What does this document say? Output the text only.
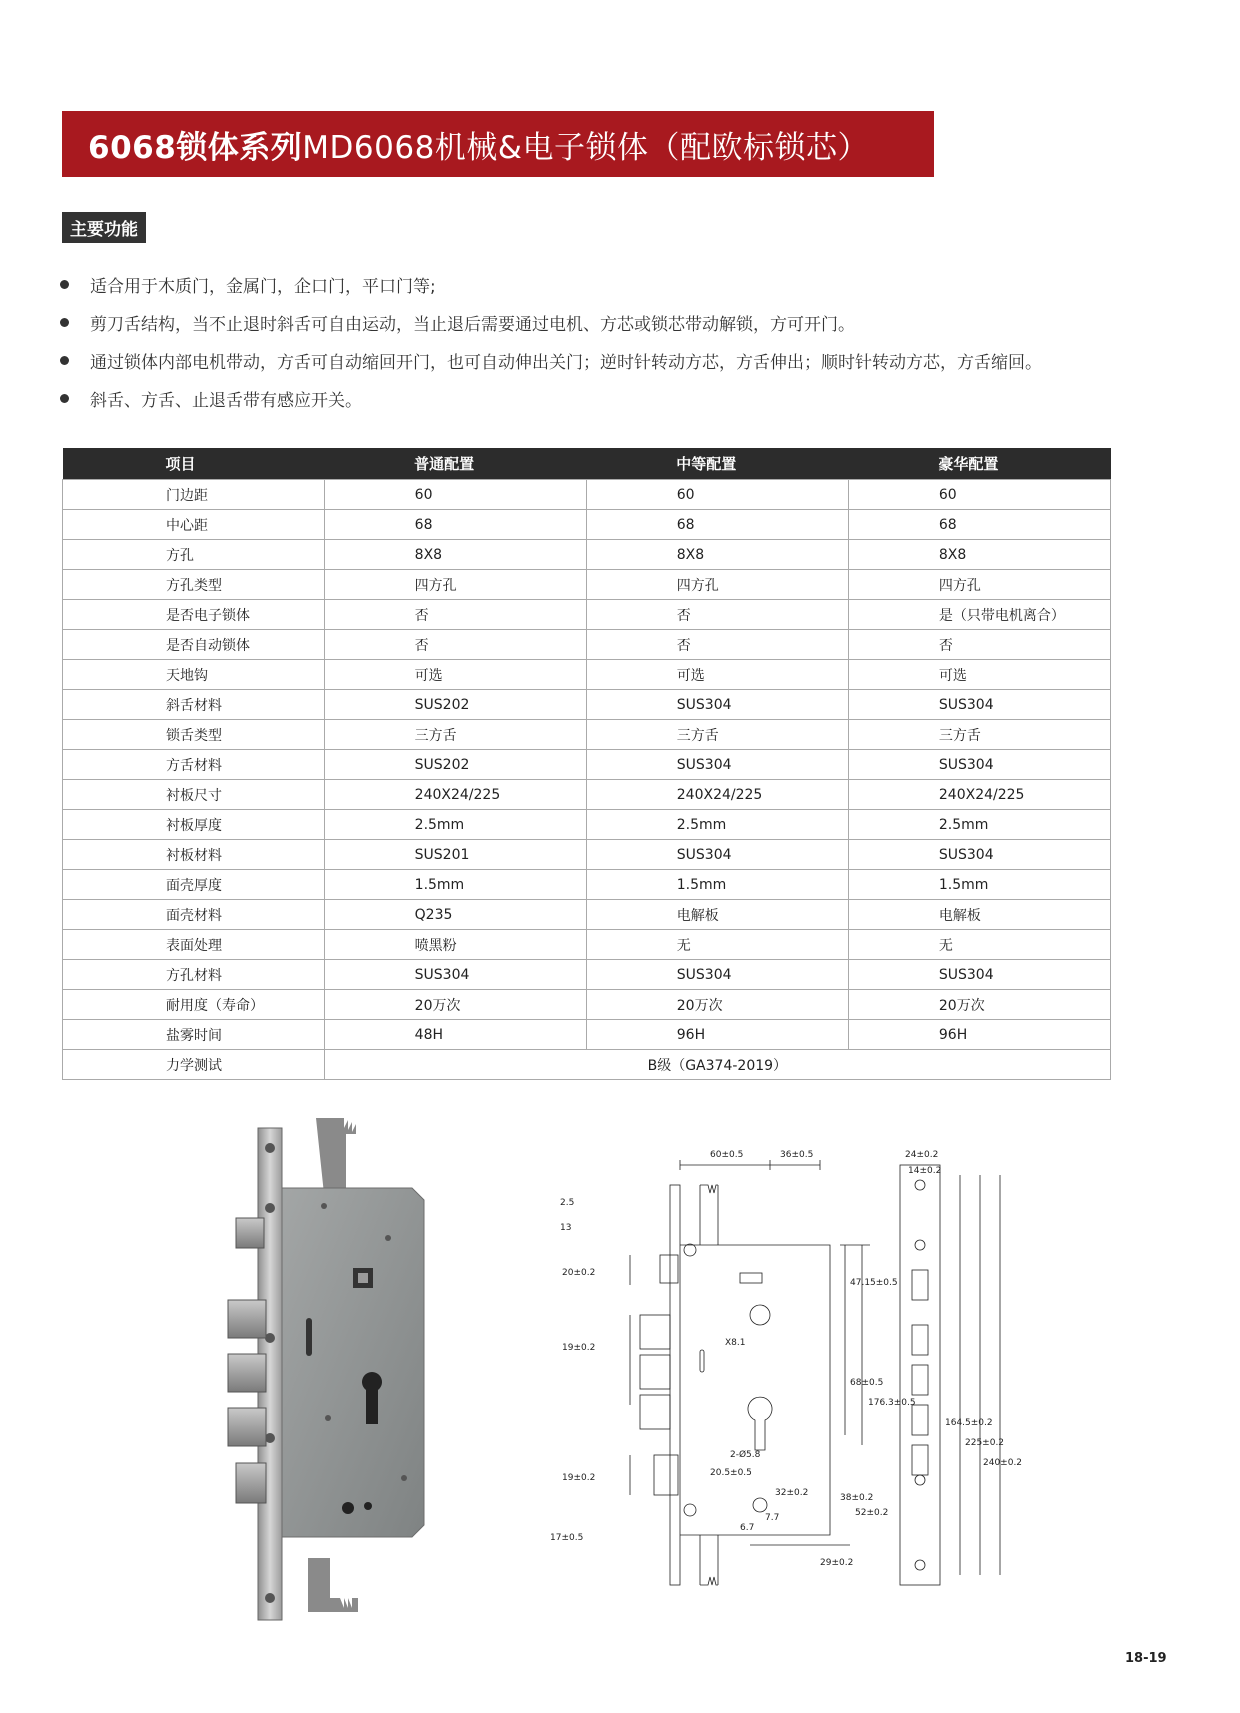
6068锁体系列 MD6068机械&电子锁体（配欧标锁芯）
主要功能
适合用于木质门，金属门，企口门，平口门等;
剪刀舌结构，当不止退时斜舌可自由运动，当止退后需要通过电机、方芯或锁芯带动解锁，方可开门。
通过锁体内部电机带动，方舌可自动缩回开门，也可自动伸出关门；逆时针转动方芯，方舌伸出；顺时针转动方芯，方舌缩回。
斜舌、方舌、止退舌带有感应开关。
项目	普通配置	中等配置	豪华配置
门边距	60	60	60
中心距	68	68	68
方孔	8X8	8X8	8X8
方孔类型	四方孔	四方孔	四方孔
是否电子锁体	否	否	是（只带电机离合）
是否自动锁体	否	否	否
天地钩	可选	可选	可选
斜舌材料	SUS202	SUS304	SUS304
锁舌类型	三方舌	三方舌	三方舌
方舌材料	SUS202	SUS304	SUS304
衬板尺寸	240X24/225	240X24/225	240X24/225
衬板厚度	2.5mm	2.5mm	2.5mm
衬板材料	SUS201	SUS304	SUS304
面壳厚度	1.5mm	1.5mm	1.5mm
面壳材料	Q235	电解板	电解板
表面处理	喷黑粉	无	无
方孔材料	SUS304	SUS304	SUS304
耐用度（寿命）	20万次	20万次	20万次
盐雾时间	48H	96H	96H
力学测试	B级（GA374-2019）		
60±0.5	36±0.5	24±0.2
14±0.2
2.5
13
20±0.2
47.15±0.5
19±0.2	X8.1
68±0.5
176.3±0.5
164.5±0.2
225±0.2
240±0.2
2-Ø5.8
20.5±0.5
32±0.2
19±0.2
38±0.2
52±0.2
7.7
6.7
17±0.5
29±0.2
18-19
